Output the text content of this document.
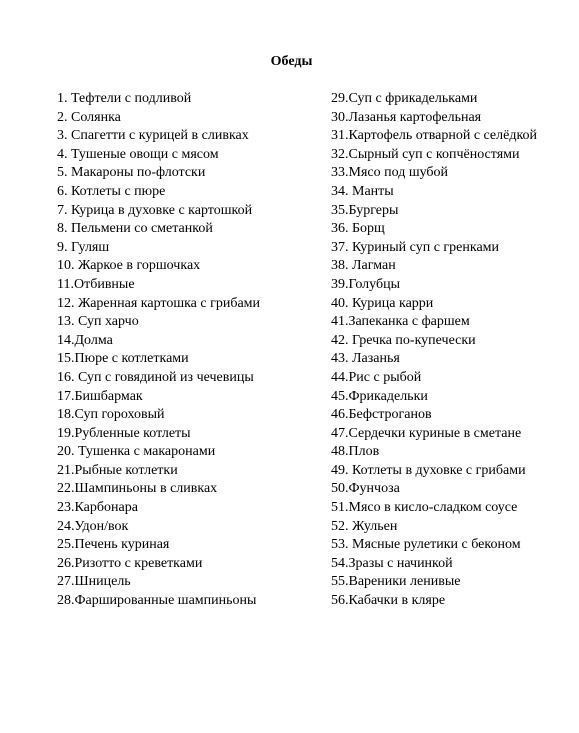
Обеды
1. Тефтели с подливой
2. Солянка
3. Спагетти с курицей в сливках
4. Тушеные овощи с мясом
5. Макароны по-флотски
6. Котлеты с пюре
7. Курица в духовке с картошкой
8. Пельмени со сметанкой
9. Гуляш
10. Жаркое в горшочках
11.Отбивные
12. Жаренная картошка с грибами
13. Суп харчо
14.Долма
15.Пюре с котлетками
16. Суп с говядиной из чечевицы
17.Бишбармак
18.Суп гороховый
19.Рубленные котлеты
20. Тушенка с макаронами
21.Рыбные котлетки
22.Шампиньоны в сливках
23.Карбонара
24.Удон/вок
25.Печень куриная
26.Ризотто с креветками
27.Шницель
28.Фаршированные шампиньоны
29.Суп с фрикадельками
30.Лазанья картофельная
31.Картофель отварной с селёдкой
32.Сырный суп с копчёностями
33.Мясо под шубой
34. Манты
35.Бургеры
36. Борщ
37. Куриный суп с гренками
38. Лагман
39.Голубцы
40. Курица карри
41.Запеканка с фаршем
42. Гречка по-купечески
43. Лазанья
44.Рис с рыбой
45.Фрикадельки
46.Бефстроганов
47.Сердечки куриные в сметане
48.Плов
49. Котлеты в духовке с грибами
50.Фунчоза
51.Мясо в кисло-сладком соусе
52. Жульен
53. Мясные рулетики с беконом
54.Зразы с начинкой
55.Вареники ленивые
56.Кабачки в кляре
